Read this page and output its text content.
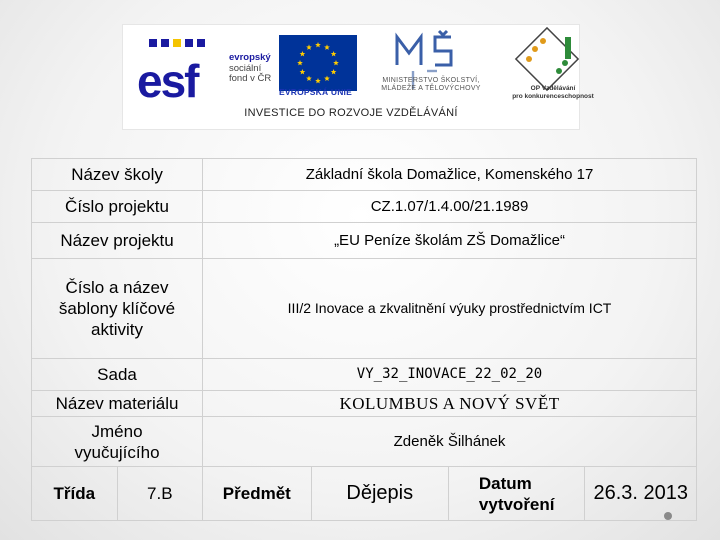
esf	evropský
sociální
fond v ČR
EVROPSKÁ UNIE
MINISTERSTVO ŠKOLSTVÍ,
MLÁDEŽE A TĚLOVÝCHOVY	OP Vzdělávání
pro konkurenceschopnost
INVESTICE DO ROZVOJE VZDĚLÁVÁNÍ
Název školy		Základní škola Domažlice, Komenského 17			
Číslo projektu		CZ.1.07/1.4.00/21.1989			
Název projektu		„EU Peníze školám ZŠ Domažlice“			
Číslo a název šablony klíčové aktivity		III/2 Inovace a zkvalitnění výuky prostřednictvím ICT			
Sada		VY_32_INOVACE_22_02_20			
Název materiálu		KOLUMBUS A NOVÝ SVĚT			
Jméno vyučujícího		Zdeněk Šilhánek			
Třída	7.B	Předmět	Dějepis	Datum vytvoření	26.3. 2013
